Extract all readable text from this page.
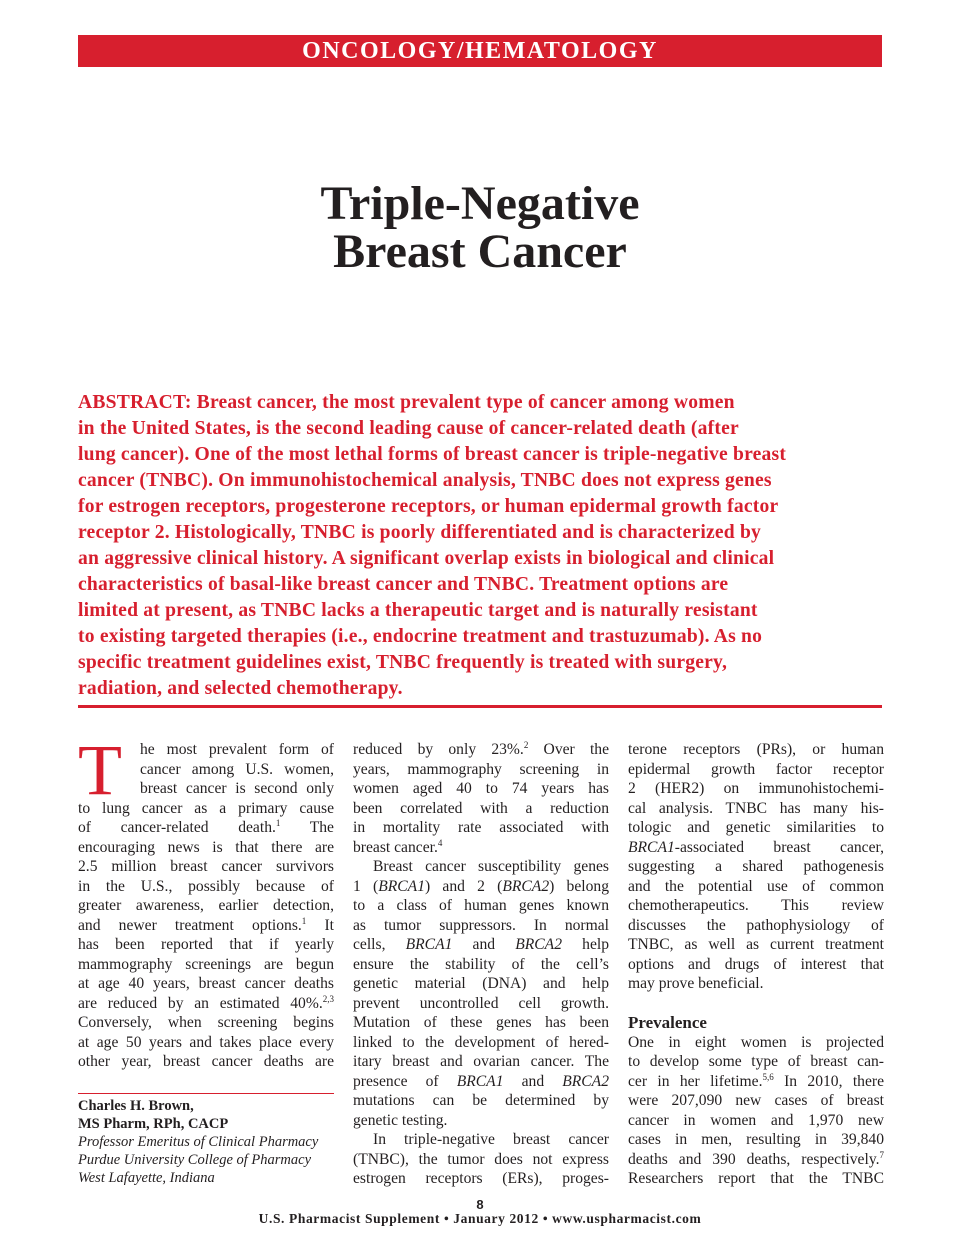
ONCOLOGY/HEMATOLOGY
Triple-Negative
Breast Cancer
ABSTRACT: Breast cancer, the most prevalent type of cancer among women
in the United States, is the second leading cause of cancer-related death (after
lung cancer). One of the most lethal forms of breast cancer is triple-negative breast
cancer (TNBC). On immunohistochemical analysis, TNBC does not express genes
for estrogen receptors, progesterone receptors, or human epidermal growth factor
receptor 2. Histologically, TNBC is poorly differentiated and is characterized by
an aggressive clinical history. A significant overlap exists in biological and clinical
characteristics of basal-like breast cancer and TNBC. Treatment options are
limited at present, as TNBC lacks a therapeutic target and is naturally resistant
to existing targeted therapies (i.e., endocrine treatment and trastuzumab). As no
specific treatment guidelines exist, TNBC frequently is treated with surgery,
radiation, and selected chemotherapy.
T	he most prevalent form of
cancer among U.S. women,
breast cancer is second only
to lung cancer as a primary cause
of cancer-related death.$^1$ The
encouraging news is that there are
2.5 million breast cancer survivors
in the U.S., possibly because of
greater awareness, earlier detection,
and newer treatment options.$^1$ It
has been reported that if yearly
mammography screenings are begun
at age 40 years, breast cancer deaths
are reduced by an estimated 40%.$^{2,3}$
Conversely, when screening begins
at age 50 years and takes place every
other year, breast cancer deaths are
Charles H. Brown,
MS Pharm, RPh, CACP
Professor Emeritus of Clinical Pharmacy
Purdue University College of Pharmacy
West Lafayette, Indiana
reduced by only 23%.$^2$ Over the
years, mammography screening in
women aged 40 to 74 years has
been correlated with a reduction
in mortality rate associated with
breast cancer.$^4$
Breast cancer susceptibility genes
1 (BRCA1) and 2 (BRCA2) belong
to a class of human genes known
as tumor suppressors. In normal
cells, BRCA1 and BRCA2 help
ensure the stability of the cell’s
genetic material (DNA) and help
prevent uncontrolled cell growth.
Mutation of these genes has been
linked to the development of hered-
itary breast and ovarian cancer. The
presence of BRCA1 and BRCA2
mutations can be determined by
genetic testing.
In triple-negative breast cancer
(TNBC), the tumor does not express
estrogen receptors (ERs), proges-
terone receptors (PRs), or human
epidermal growth factor receptor
2 (HER2) on immunohistochemi-
cal analysis. TNBC has many his-
tologic and genetic similarities to
BRCA1-associated breast cancer,
suggesting a shared pathogenesis
and the potential use of common
chemotherapeutics. This review
discusses the pathophysiology of
TNBC, as well as current treatment
options and drugs of interest that
may prove beneficial.
Prevalence
One in eight women is projected
to develop some type of breast can-
cer in her lifetime.$^{5,6}$ In 2010, there
were 207,090 new cases of breast
cancer in women and 1,970 new
cases in men, resulting in 39,840
deaths and 390 deaths, respectively.$^7$
Researchers report that the TNBC
8
U.S. Pharmacist Supplement • January 2012 • www.uspharmacist.com
